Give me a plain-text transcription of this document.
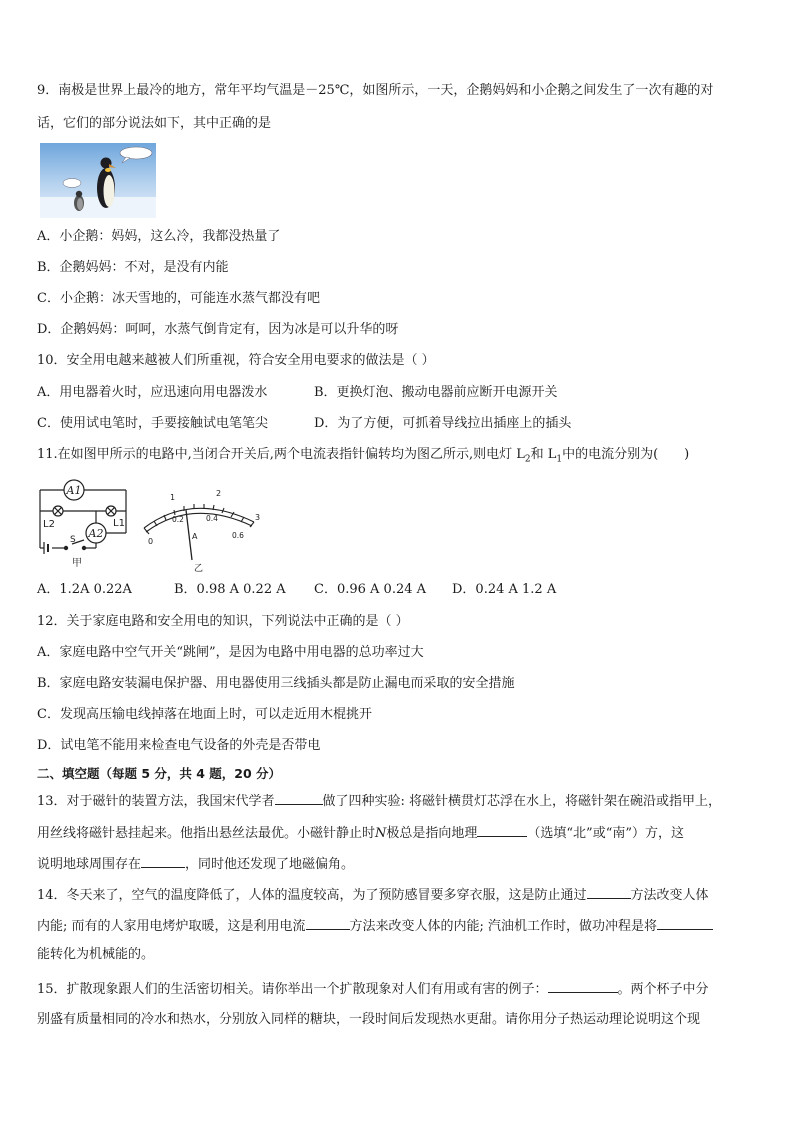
9．南极是世界上最冷的地方，常年平均气温是－25℃，如图所示，一天，企鹅妈妈和小企鹅之间发生了一次有趣的对
话，它们的部分说法如下，其中正确的是
A．小企鹅：妈妈，这么冷，我都没热量了
B．企鹅妈妈：不对，是没有内能
C．小企鹅：冰天雪地的，可能连水蒸气都没有吧
D．企鹅妈妈：呵呵，水蒸气倒肯定有，因为冰是可以升华的呀
10．安全用电越来越被人们所重视，符合安全用电要求的做法是（ ）
A．用电器着火时，应迅速向用电器泼水	B．更换灯泡、搬动电器前应断开电源开关
C．使用试电笔时，手要接触试电笔笔尖	D．为了方便，可抓着导线拉出插座上的插头
11.在如图甲所示的电路中,当闭合开关后,两个电流表指针偏转均为图乙所示,则电灯 $L_2$和 $L_1$中的电流分别为(　　)
A1
A2
L2	L1
S
甲
0
1	2
3
0.2	0.4
0.6
A
乙
A．1.2A 0.22A	B．0.98 A 0.22 A C．0.96 A 0.24 A D．0.24 A 1.2 A
12．关于家庭电路和安全用电的知识，下列说法中正确的是（ ）
A．家庭电路中空气开关“跳闸”，是因为电路中用电器的总功率过大
B．家庭电路安装漏电保护器、用电器使用三线插头都是防止漏电而采取的安全措施
C．发现高压输电线掉落在地面上时，可以走近用木棍挑开
D．试电笔不能用来检查电气设备的外壳是否带电
二、填空题（每题 5 分，共 4 题，20 分）
13．对于磁针的装置方法，我国宋代学者	做了四种实验: 将磁针横贯灯芯浮在水上，将磁针架在碗沿或指甲上，
用丝线将磁针悬挂起来。他指出悬丝法最优。小磁针静止时N极总是指向地理	（选填“北”或“南”）方，这
说明地球周围存在	，同时他还发现了地磁偏角。
14．冬天来了，空气的温度降低了，人体的温度较高，为了预防感冒要多穿衣服，这是防止通过	方法改变人体
内能; 而有的人家用电烤炉取暖，这是利用电流	方法来改变人体的内能; 汽油机工作时，做功冲程是将
能转化为机械能的。
15．扩散现象跟人们的生活密切相关。请你举出一个扩散现象对人们有用或有害的例子：	。两个杯子中分
别盛有质量相同的冷水和热水，分别放入同样的糖块，一段时间后发现热水更甜。请你用分子热运动理论说明这个现
